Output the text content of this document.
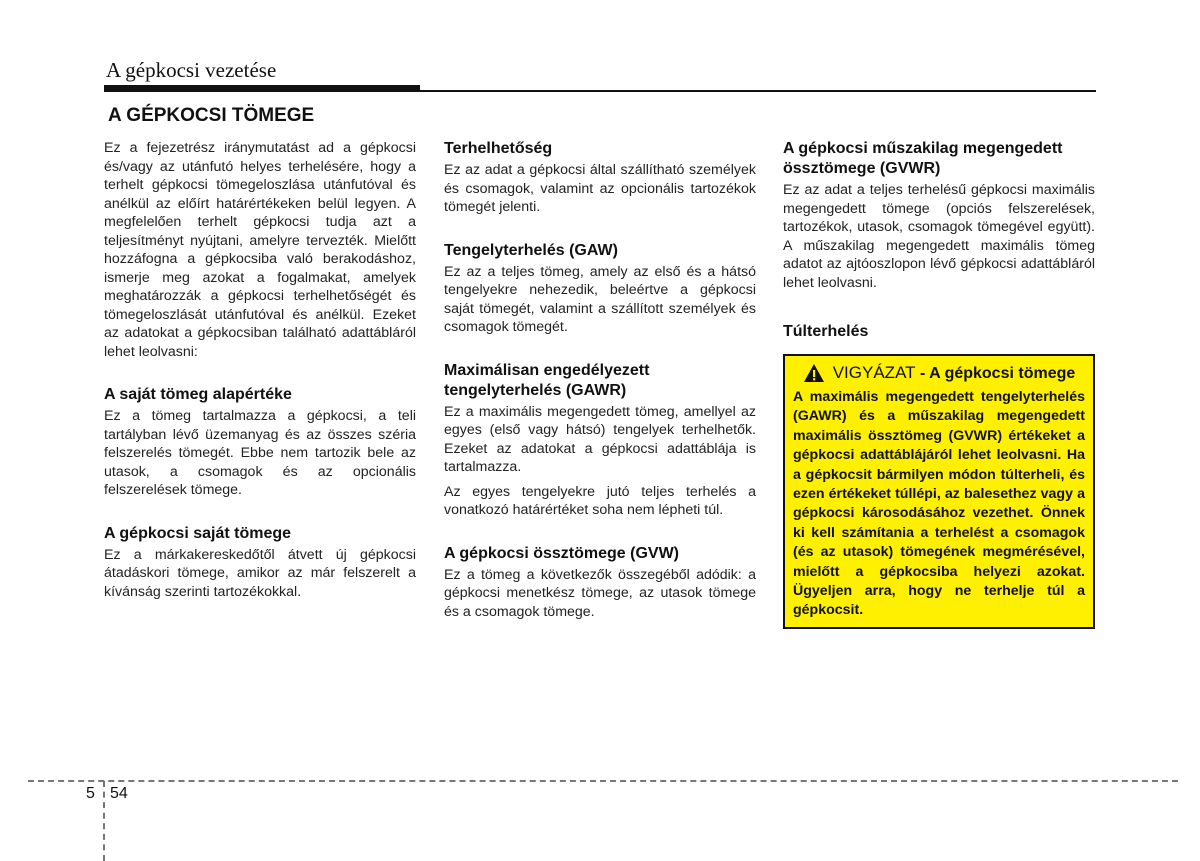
A gépkocsi vezetése
A GÉPKOCSI TÖMEGE

Ez a fejezetrész iránymutatást ad a gépkocsi és/vagy az utánfutó helyes terhelésére, hogy a terhelt gépkocsi tömegeloszlása utánfutóval és anélkül az előírt határértékeken belül legyen. A megfelelően terhelt gépkocsi tudja azt a teljesítményt nyújtani, amelyre tervezték. Mielőtt hozzáfogna a gépkocsiba való berakodáshoz, ismerje meg azokat a fogalmakat, amelyek meghatározzák a gépkocsi terhelhetőségét és tömegeloszlását utánfutóval és anélkül. Ezeket az adatokat a gépkocsiban található adattábláról lehet leolvasni:

A saját tömeg alapértéke

Ez a tömeg tartalmazza a gépkocsi, a teli tartályban lévő üzemanyag és az összes széria felszerelés tömegét. Ebbe nem tartozik bele az utasok, a csomagok és az opcionális felszerelések tömege.

A gépkocsi saját tömege

Ez a márkakereskedőtől átvett új gépkocsi átadáskori tömege, amikor az már felszerelt a kívánság szerinti tartozékokkal.

Terhelhetőség

Ez az adat a gépkocsi által szállítható személyek és csomagok, valamint az opcionális tartozékok tömegét jelenti.

Tengelyterhelés (GAW)

Ez az a teljes tömeg, amely az első és a hátsó tengelyekre nehezedik, beleértve a gépkocsi saját tömegét, valamint a szállított személyek és csomagok tömegét.

Maximálisan engedélyezett tengelyterhelés (GAWR)

Ez a maximális megengedett tömeg, amellyel az egyes (első vagy hátsó) tengelyek terhelhetők. Ezeket az adatokat a gépkocsi adattáblája is tartalmazza.

Az egyes tengelyekre jutó teljes terhelés a vonatkozó határértéket soha nem lépheti túl.

A gépkocsi össztömege (GVW)

Ez a tömeg a következők összegéből adódik: a gépkocsi menetkész tömege, az utasok tömege és a csomagok tömege.

A gépkocsi műszakilag megengedett össztömege (GVWR)

Ez az adat a teljes terhelésű gépkocsi maximális megengedett tömege (opciós felszerelések, tartozékok, utasok, csomagok tömegével együtt). A műszakilag megengedett maximális tömeg adatot az ajtóoszlopon lévő gépkocsi adattábláról lehet leolvasni.

Túlterhelés
VIGYÁZAT - A gépkocsi tömege

A maximális megengedett tengelyterhelés (GAWR) és a műszakilag megengedett maximális össztömeg (GVWR) értékeket a gépkocsi adattáblájáról lehet leolvasni. Ha a gépkocsit bármilyen módon túlterheli, és ezen értékeket túllépi, az balesethez vagy a gépkocsi károsodásához vezethet. Önnek ki kell számítania a terhelést a csomagok (és az utasok) tömegének megmérésével, mielőtt a gépkocsiba helyezi azokat. Ügyeljen arra, hogy ne terhelje túl a gépkocsit.

5 54
